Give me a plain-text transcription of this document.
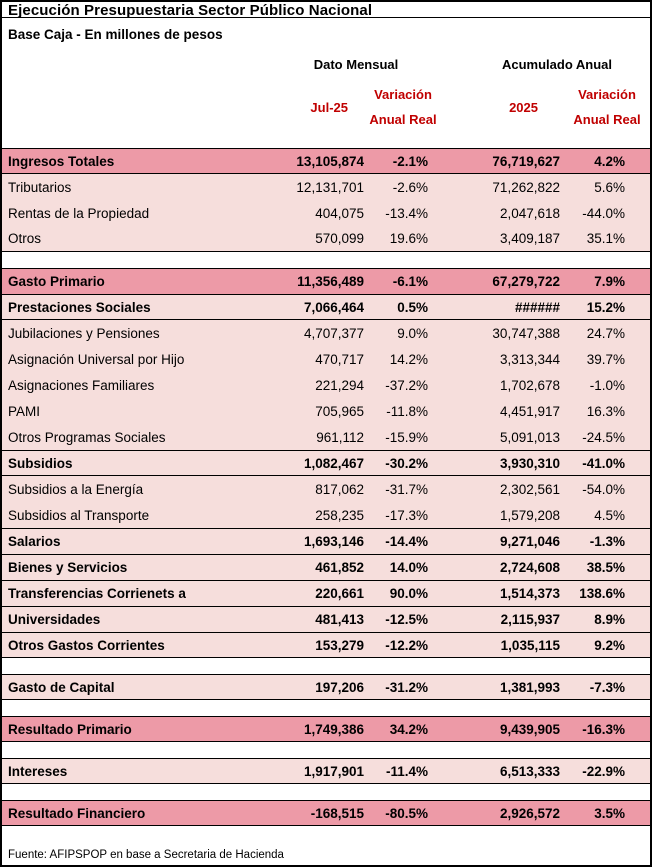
Ejecución Presupuestaria Sector Público Nacional
Base Caja - En millones de pesos
Dato Mensual	Acumulado Anual
Jul-25
Variación
Anual Real
2025
Variación
Anual Real
Ingresos Totales	13,105,874	-2.1%	76,719,627	4.2%
Tributarios	12,131,701	-2.6%	71,262,822	5.6%
Rentas de la Propiedad	404,075	-13.4%	2,047,618	-44.0%
Otros	570,099	19.6%	3,409,187	35.1%
Gasto Primario	11,356,489	-6.1%	67,279,722	7.9%
Prestaciones Sociales	7,066,464	0.5%	######	15.2%
Jubilaciones y Pensiones	4,707,377	9.0%	30,747,388	24.7%
Asignación Universal por Hijo	470,717	14.2%	3,313,344	39.7%
Asignaciones Familiares	221,294	-37.2%	1,702,678	-1.0%
PAMI	705,965	-11.8%	4,451,917	16.3%
Otros Programas Sociales	961,112	-15.9%	5,091,013	-24.5%
Subsidios	1,082,467	-30.2%	3,930,310	-41.0%
Subsidios a la Energía	817,062	-31.7%	2,302,561	-54.0%
Subsidios al Transporte	258,235	-17.3%	1,579,208	4.5%
Salarios	1,693,146	-14.4%	9,271,046	-1.3%
Bienes y Servicios	461,852	14.0%	2,724,608	38.5%
Transferencias Corrienets a	220,661	90.0%	1,514,373	138.6%
Universidades	481,413	-12.5%	2,115,937	8.9%
Otros Gastos Corrientes	153,279	-12.2%	1,035,115	9.2%
Gasto de Capital	197,206	-31.2%	1,381,993	-7.3%
Resultado Primario	1,749,386	34.2%	9,439,905	-16.3%
Intereses	1,917,901	-11.4%	6,513,333	-22.9%
Resultado Financiero	-168,515	-80.5%	2,926,572	3.5%
Fuente: AFIPSPOP en base a Secretaria de Hacienda
